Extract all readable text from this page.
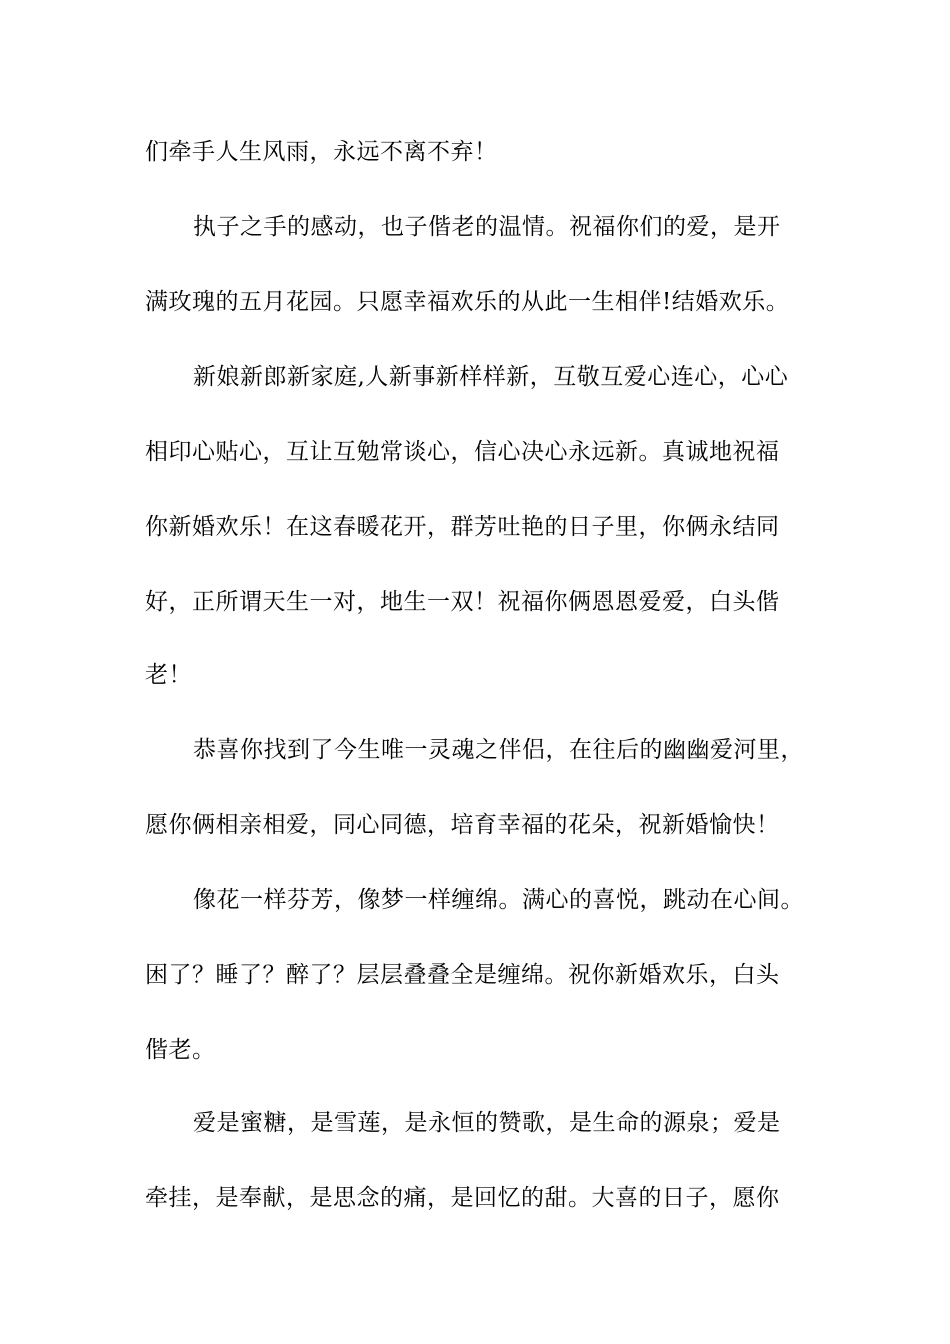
们牵手人生风雨，永远不离不弃！
执子之手的感动，也子偕老的温情。祝福你们的爱，是开
满玫瑰的五月花园。只愿幸福欢乐的从此一生相伴!结婚欢乐。
新娘新郎新家庭,人新事新样样新，互敬互爱心连心，心心
相印心贴心，互让互勉常谈心，信心决心永远新。真诚地祝福
你新婚欢乐！在这春暖花开，群芳吐艳的日子里，你俩永结同
好，正所谓天生一对，地生一双！祝福你俩恩恩爱爱，白头偕
老！
恭喜你找到了今生唯一灵魂之伴侣，在往后的幽幽爱河里，
愿你俩相亲相爱，同心同德，培育幸福的花朵，祝新婚愉快！
像花一样芬芳，像梦一样缠绵。满心的喜悦，跳动在心间。
困了？睡了？醉了？层层叠叠全是缠绵。祝你新婚欢乐，白头
偕老。
爱是蜜糖，是雪莲，是永恒的赞歌，是生命的源泉；爱是
牵挂，是奉献，是思念的痛，是回忆的甜。大喜的日子，愿你
